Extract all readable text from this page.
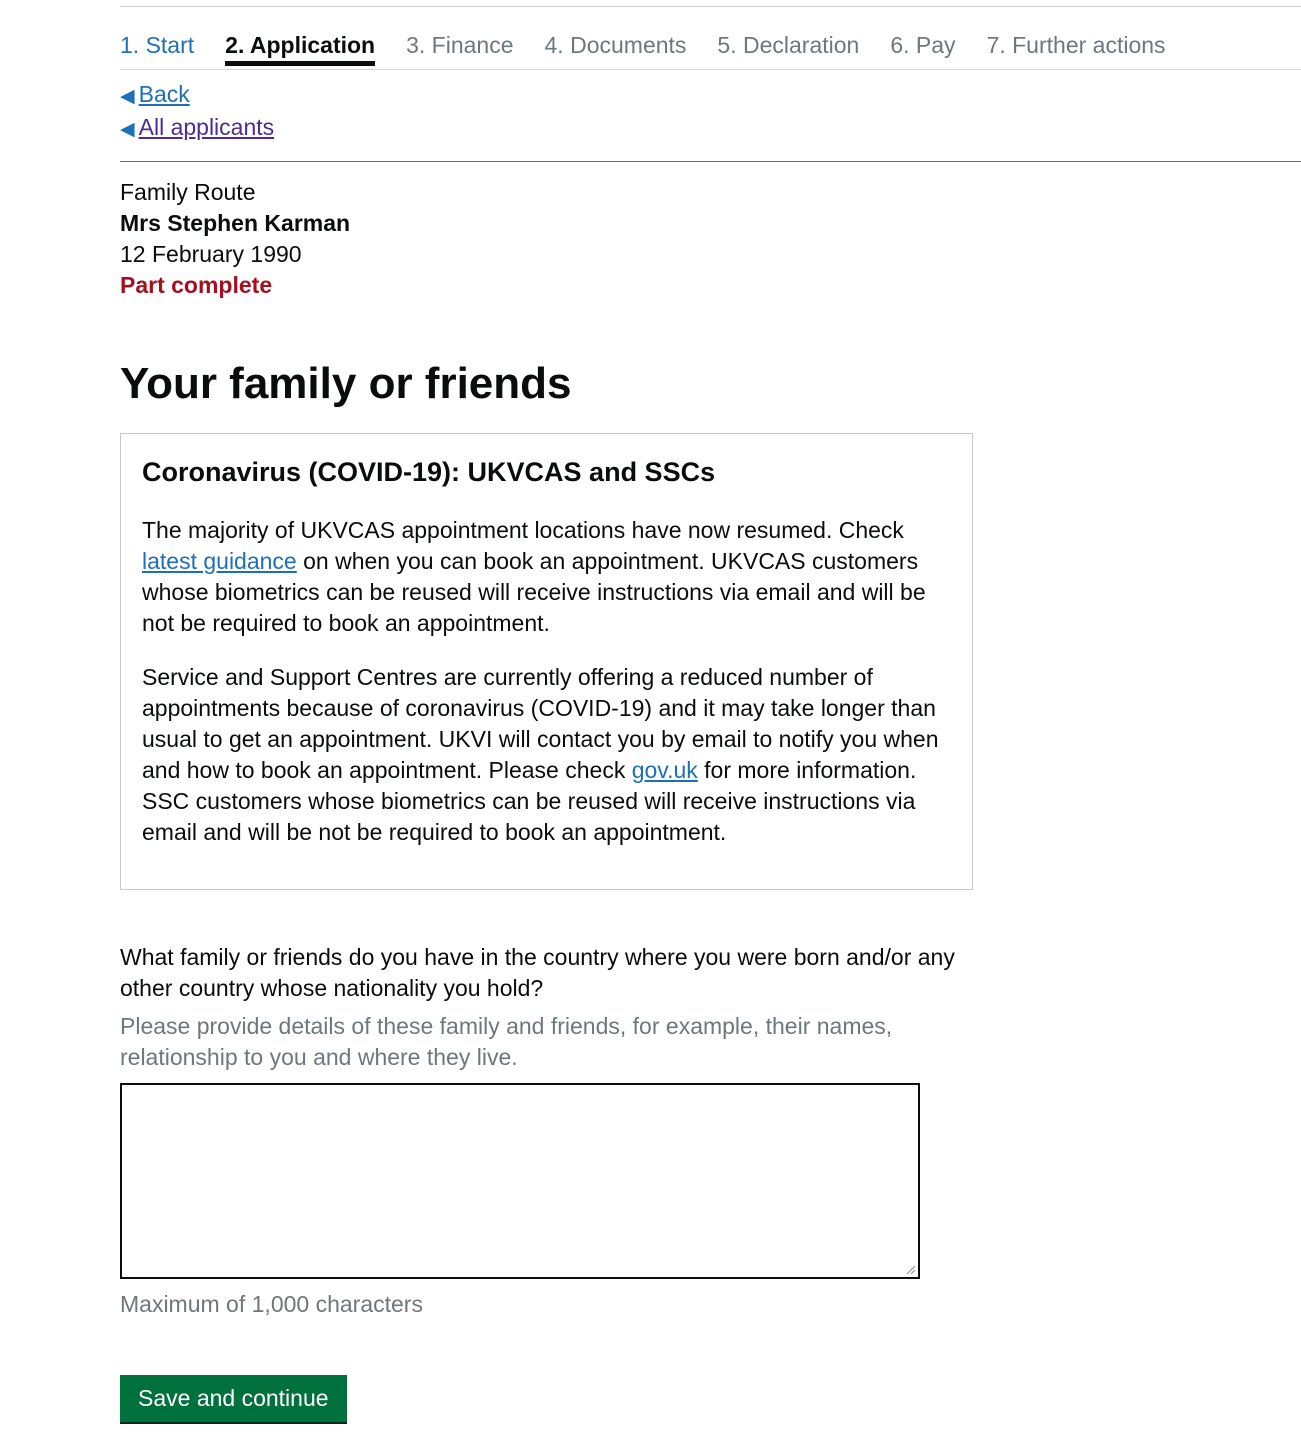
1. Start 2. Application 3. Finance 4. Documents 5. Declaration 6. Pay 7. Further actions
◀ Back
◀ All applicants
Family Route
Mrs Stephen Karman
12 February 1990
Part complete
Your family or friends
Coronavirus (COVID-19): UKVCAS and SSCs

The majority of UKVCAS appointment locations have now resumed. Check latest guidance on when you can book an appointment. UKVCAS customers whose biometrics can be reused will receive instructions via email and will be not be required to book an appointment.

Service and Support Centres are currently offering a reduced number of appointments because of coronavirus (COVID-19) and it may take longer than usual to get an appointment. UKVI will contact you by email to notify you when and how to book an appointment. Please check gov.uk for more information. SSC customers whose biometrics can be reused will receive instructions via email and will be not be required to book an appointment.

What family or friends do you have in the country where you were born and/or any other country whose nationality you hold?

Please provide details of these family and friends, for example, their names, relationship to you and where they live.

Maximum of 1,000 characters
Save and continue
